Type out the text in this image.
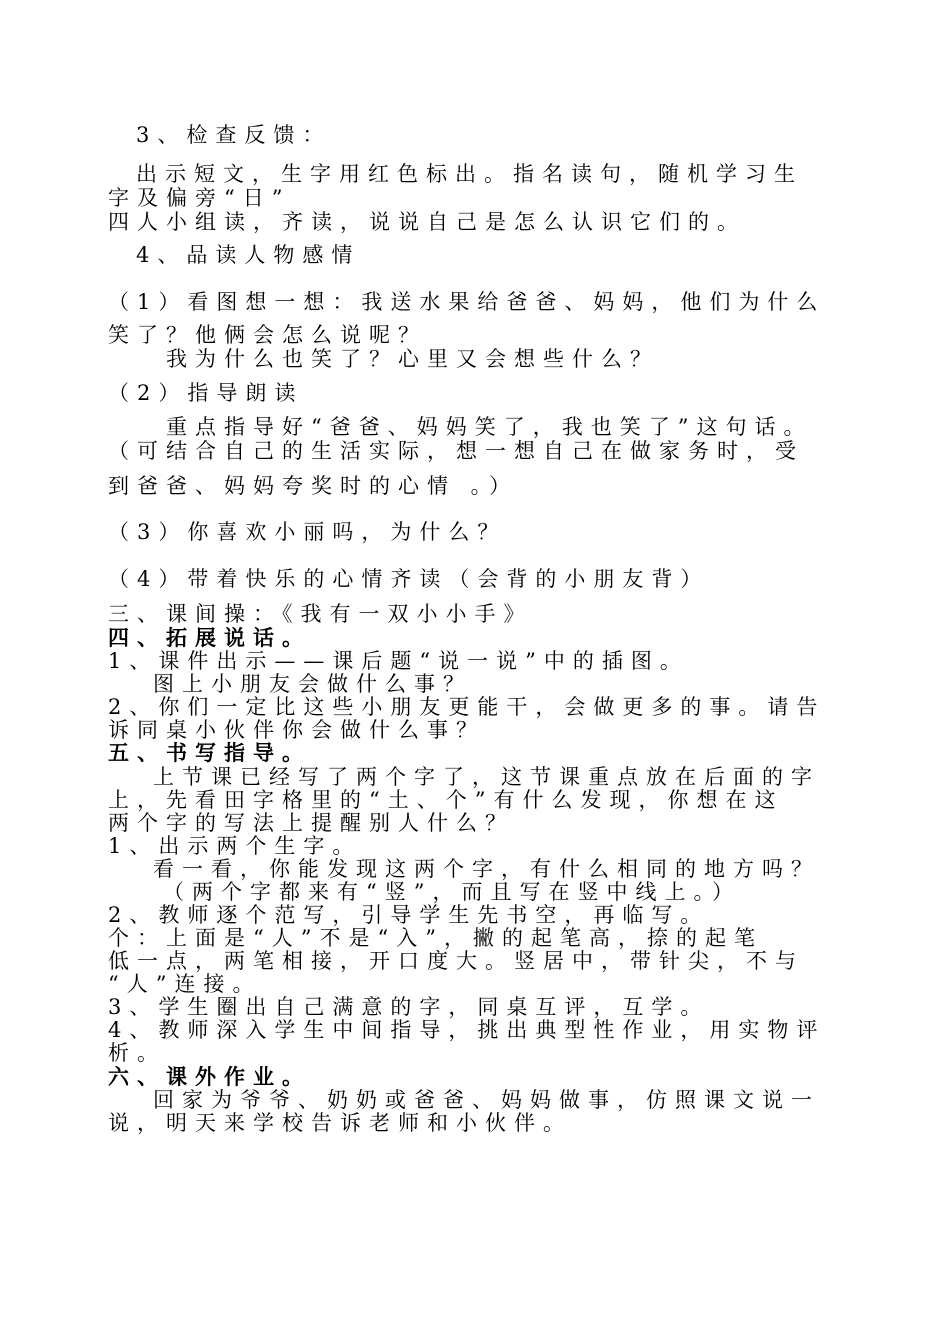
3、检查反馈：
出示短文，生字用红色标出。指名读句，随机学习生
字及偏旁“日”
四人小组读，齐读，说说自己是怎么认识它们的。
4、品读人物感情
（1）看图想一想：我送水果给爸爸、妈妈，他们为什么
笑了？他俩会怎么说呢？
我为什么也笑了？心里又会想些什么？
（2）指导朗读
重点指导好“爸爸、妈妈笑了，我也笑了”这句话。
（可结合自己的生活实际，想一想自己在做家务时，受
到爸爸、妈妈夸奖时的心情 。）
（3）你喜欢小丽吗，为什么？
（4）带着快乐的心情齐读（会背的小朋友背）
三、课间操：《我有一双小小手》
四、拓展说话。
1、课件出示——课后题“说一说”中的插图。
图上小朋友会做什么事？
2、你们一定比这些小朋友更能干，会做更多的事。请告
诉同桌小伙伴你会做什么事？
五、书写指导。
上节课已经写了两个字了，这节课重点放在后面的字
上，先看田字格里的“土、个”有什么发现，你想在这
两个字的写法上提醒别人什么？
1、出示两个生字。
看一看，你能发现这两个字，有什么相同的地方吗？
（两个字都来有“竖”，而且写在竖中线上。）
2、教师逐个范写，引导学生先书空，再临写。
个：上面是“人”不是“入”，撇的起笔高，捺的起笔
低一点，两笔相接，开口度大。竖居中，带针尖，不与
“人”连接。
3、学生圈出自己满意的字，同桌互评，互学。
4、教师深入学生中间指导，挑出典型性作业，用实物评
析。
六、课外作业。
回家为爷爷、奶奶或爸爸、妈妈做事，仿照课文说一
说，明天来学校告诉老师和小伙伴。
